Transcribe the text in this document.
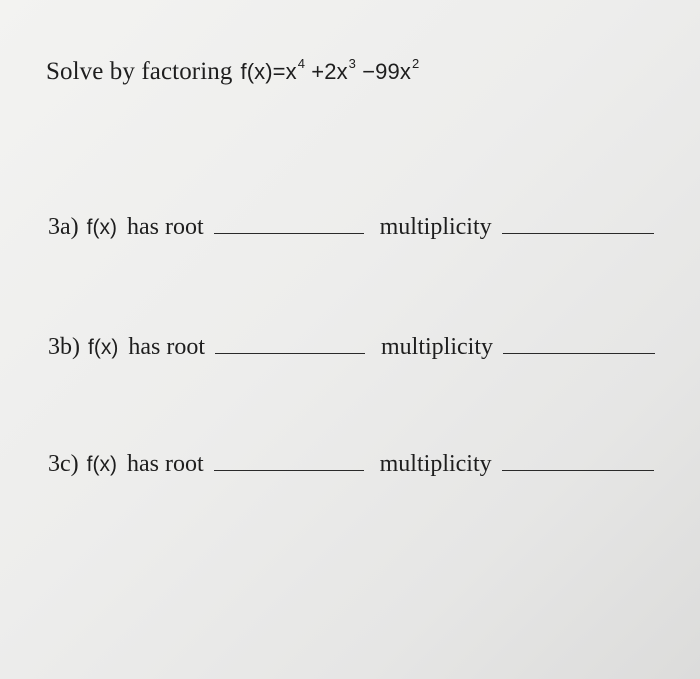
Solve by factoring $f(x)=x^4 +2x^3 -99x^2$
3a) f(x) has root	multiplicity
3b) f(x) has root	multiplicity
3c) f(x) has root	multiplicity
